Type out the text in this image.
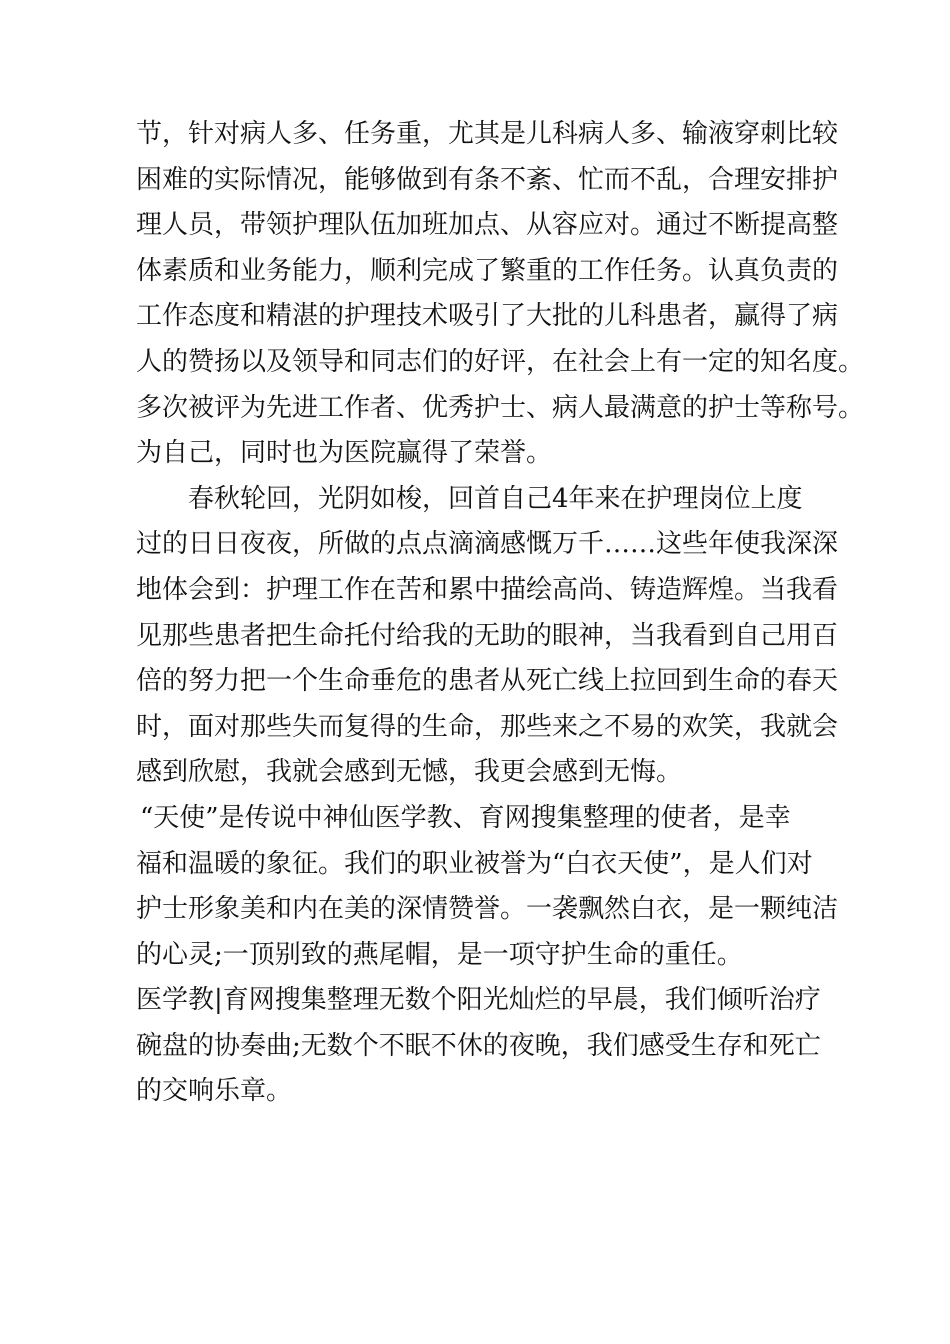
节，针对病人多、任务重，尤其是儿科病人多、输液穿刺比较
困难的实际情况，能够做到有条不紊、忙而不乱，合理安排护
理人员，带领护理队伍加班加点、从容应对。通过不断提高整
体素质和业务能力，顺利完成了繁重的工作任务。认真负责的
工作态度和精湛的护理技术吸引了大批的儿科患者，赢得了病
人的赞扬以及领导和同志们的好评，在社会上有一定的知名度。
多次被评为先进工作者、优秀护士、病人最满意的护士等称号。
为自己，同时也为医院赢得了荣誉。
春秋轮回，光阴如梭，回首自己4年来在护理岗位上度
过的日日夜夜，所做的点点滴滴感慨万千……这些年使我深深
地体会到：护理工作在苦和累中描绘高尚、铸造辉煌。当我看
见那些患者把生命托付给我的无助的眼神，当我看到自己用百
倍的努力把一个生命垂危的患者从死亡线上拉回到生命的春天
时，面对那些失而复得的生命，那些来之不易的欢笑，我就会
感到欣慰，我就会感到无憾，我更会感到无悔。
“天使”是传说中神仙医学教、育网搜集整理的使者，是幸
福和温暖的象征。我们的职业被誉为“白衣天使”，是人们对
护士形象美和内在美的深情赞誉。一袭飘然白衣，是一颗纯洁
的心灵;一顶别致的燕尾帽，是一项守护生命的重任。
医学教|育网搜集整理无数个阳光灿烂的早晨，我们倾听治疗
碗盘的协奏曲;无数个不眠不休的夜晚，我们感受生存和死亡
的交响乐章。
